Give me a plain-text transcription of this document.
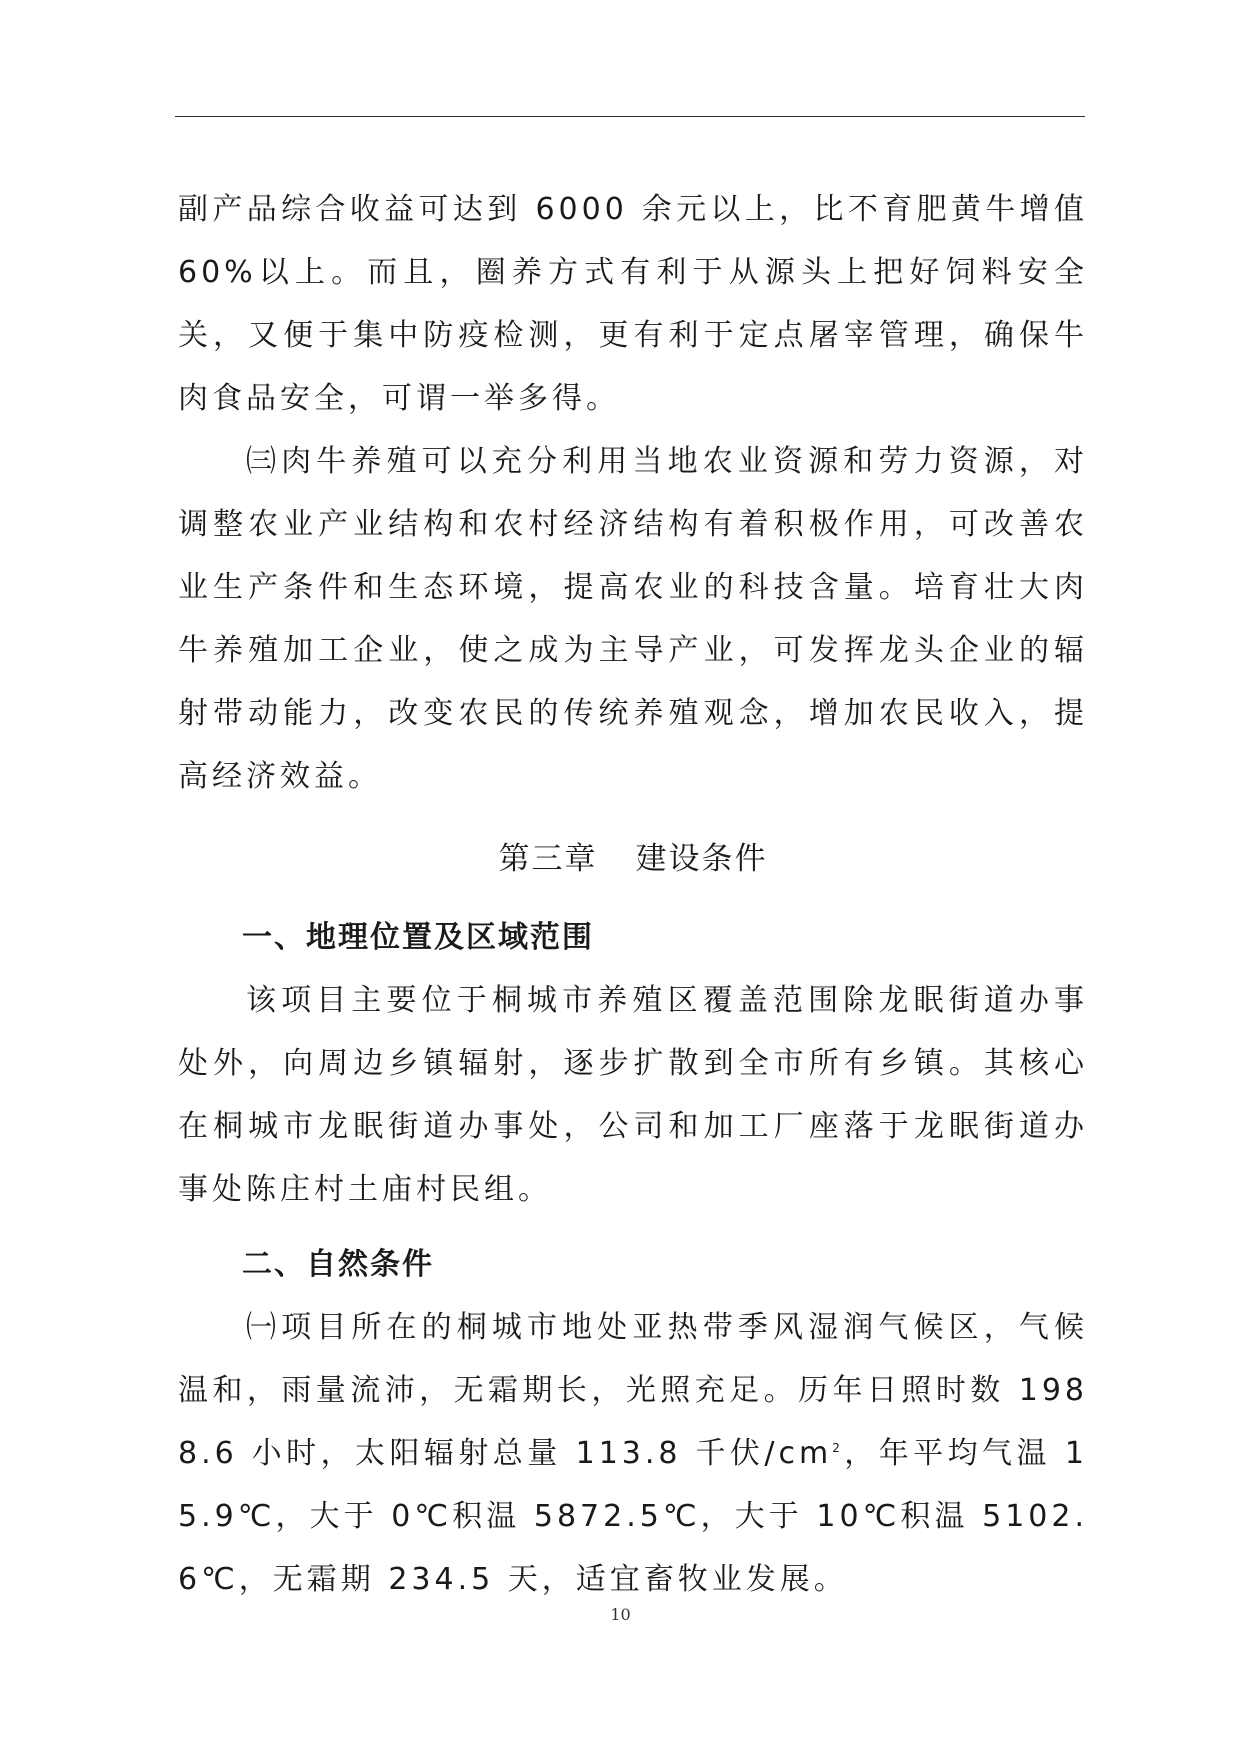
副产品综合收益可达到 6000 余元以上，比不育肥黄牛增值 60%以上。而且，圈养方式有利于从源头上把好饲料安全关，又便于集中防疫检测，更有利于定点屠宰管理，确保牛肉食品安全，可谓一举多得。

㈢肉牛养殖可以充分利用当地农业资源和劳力资源，对调整农业产业结构和农村经济结构有着积极作用，可改善农业生产条件和生态环境，提高农业的科技含量。培育壮大肉牛养殖加工企业，使之成为主导产业，可发挥龙头企业的辐射带动能力，改变农民的传统养殖观念，增加农民收入，提高经济效益。

第三章 建设条件
一、地理位置及区域范围

该项目主要位于桐城市养殖区覆盖范围除龙眠街道办事处外，向周边乡镇辐射，逐步扩散到全市所有乡镇。其核心在桐城市龙眠街道办事处，公司和加工厂座落于龙眠街道办事处陈庄村土庙村民组。

二、自然条件

㈠项目所在的桐城市地处亚热带季风湿润气候区，气候温和，雨量流沛，无霜期长，光照充足。历年日照时数 1988.6 小时，太阳辐射总量 113.8 千伏$/cm^2$，年平均气温 15.9℃，大于 0℃积温 5872.5℃，大于 10℃积温 5102.6℃，无霜期 234.5 天，适宜畜牧业发展。

10
